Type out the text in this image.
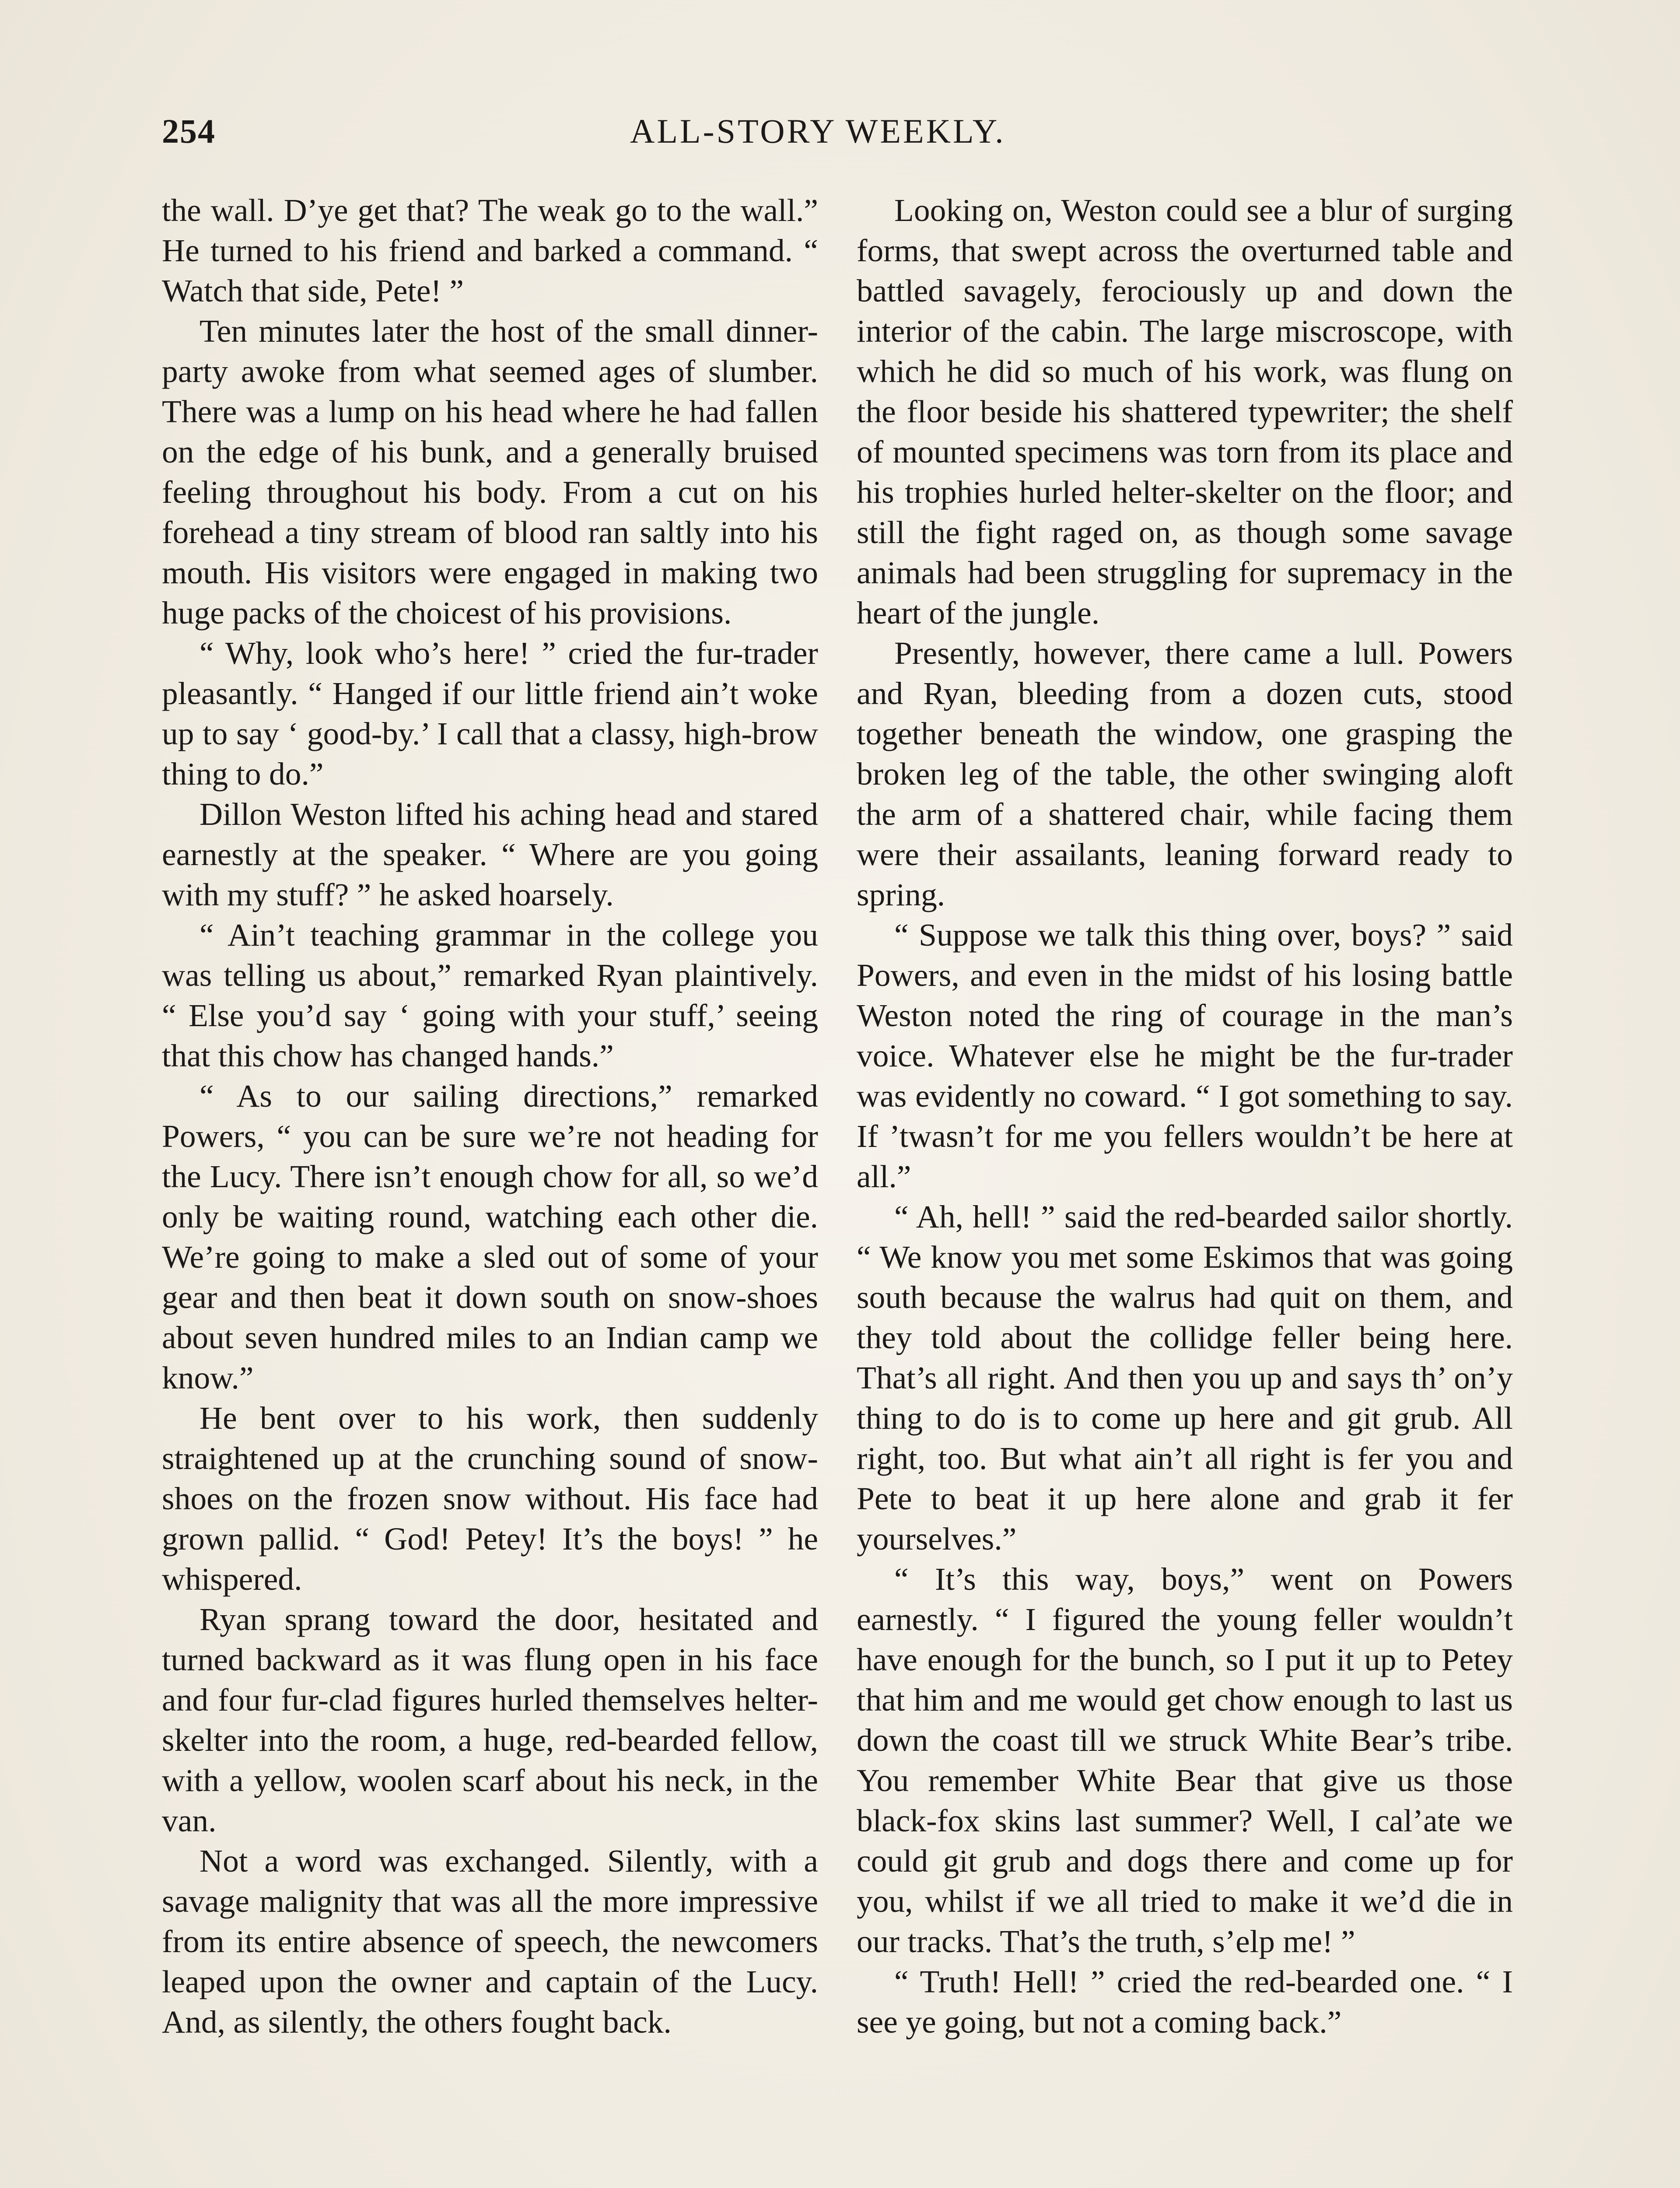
254	ALL-STORY WEEKLY.

the wall. D’ye get that? The weak go to the wall.” He turned to his friend and barked a command. “ Watch that side, Pete! ”

Ten minutes later the host of the small dinner-party awoke from what seemed ages of slumber. There was a lump on his head where he had fallen on the edge of his bunk, and a generally bruised feeling throughout his body. From a cut on his forehead a tiny stream of blood ran saltly into his mouth. His visitors were engaged in making two huge packs of the choicest of his provisions.

“ Why, look who’s here! ” cried the fur-trader pleasantly. “ Hanged if our little friend ain’t woke up to say ‘ good-by.’ I call that a classy, high-brow thing to do.”

Dillon Weston lifted his aching head and stared earnestly at the speaker. “ Where are you going with my stuff? ” he asked hoarsely.

“ Ain’t teaching grammar in the college you was telling us about,” remarked Ryan plaintively. “ Else you’d say ‘ going with your stuff,’ seeing that this chow has changed hands.”

“ As to our sailing directions,” remarked Powers, “ you can be sure we’re not heading for the Lucy. There isn’t enough chow for all, so we’d only be waiting round, watching each other die. We’re going to make a sled out of some of your gear and then beat it down south on snow-shoes about seven hundred miles to an Indian camp we know.”

He bent over to his work, then suddenly straightened up at the crunching sound of snow-shoes on the frozen snow without. His face had grown pallid. “ God! Petey! It’s the boys! ” he whispered.

Ryan sprang toward the door, hesitated and turned backward as it was flung open in his face and four fur-clad figures hurled themselves helter-skelter into the room, a huge, red-bearded fellow, with a yellow, woolen scarf about his neck, in the van.

Not a word was exchanged. Silently, with a savage malignity that was all the more impressive from its entire absence of speech, the newcomers leaped upon the owner and captain of the Lucy. And, as silently, the others fought back.

Looking on, Weston could see a blur of surging forms, that swept across the overturned table and battled savagely, ferociously up and down the interior of the cabin. The large miscroscope, with which he did so much of his work, was flung on the floor beside his shattered typewriter; the shelf of mounted specimens was torn from its place and his trophies hurled helter-skelter on the floor; and still the fight raged on, as though some savage animals had been struggling for supremacy in the heart of the jungle.

Presently, however, there came a lull. Powers and Ryan, bleeding from a dozen cuts, stood together beneath the window, one grasping the broken leg of the table, the other swinging aloft the arm of a shattered chair, while facing them were their assailants, leaning forward ready to spring.

“ Suppose we talk this thing over, boys? ” said Powers, and even in the midst of his losing battle Weston noted the ring of courage in the man’s voice. Whatever else he might be the fur-trader was evidently no coward. “ I got something to say. If ’twasn’t for me you fellers wouldn’t be here at all.”

“ Ah, hell! ” said the red-bearded sailor shortly. “ We know you met some Eskimos that was going south because the walrus had quit on them, and they told about the collidge feller being here. That’s all right. And then you up and says th’ on’y thing to do is to come up here and git grub. All right, too. But what ain’t all right is fer you and Pete to beat it up here alone and grab it fer yourselves.”

“ It’s this way, boys,” went on Powers earnestly. “ I figured the young feller wouldn’t have enough for the bunch, so I put it up to Petey that him and me would get chow enough to last us down the coast till we struck White Bear’s tribe. You remember White Bear that give us those black-fox skins last summer? Well, I cal’ate we could git grub and dogs there and come up for you, whilst if we all tried to make it we’d die in our tracks. That’s the truth, s’elp me! ”

“ Truth! Hell! ” cried the red-bearded one. “ I see ye going, but not a coming back.”
